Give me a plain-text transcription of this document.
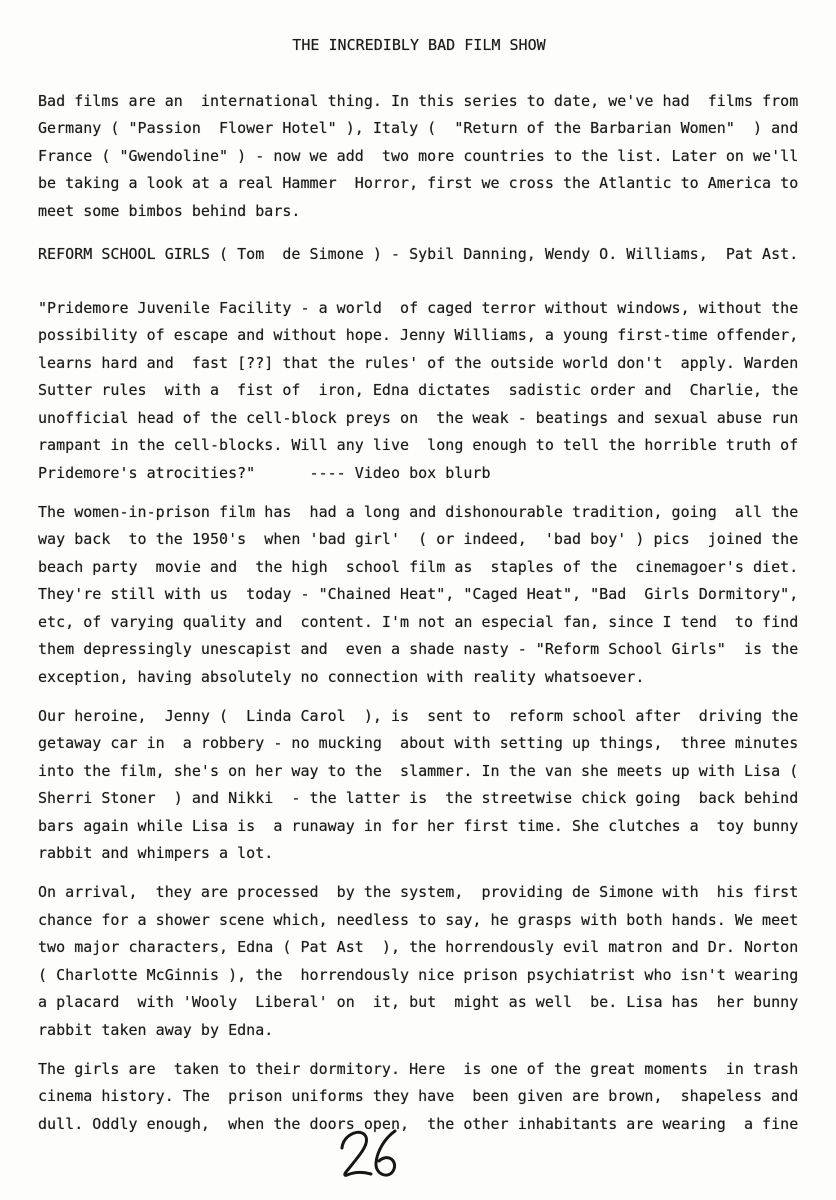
THE INCREDIBLY BAD FILM SHOW
Bad films are an  international thing. In this series to date, we've had  films from
Germany ( "Passion  Flower Hotel" ), Italy (  "Return of the Barbarian Women"  ) and
France ( "Gwendoline" ) - now we add  two more countries to the list. Later on we'll
be taking a look at a real Hammer  Horror, first we cross the Atlantic to America to
meet some bimbos behind bars.
REFORM SCHOOL GIRLS ( Tom  de Simone ) - Sybil Danning, Wendy O. Williams,  Pat Ast.
"Pridemore Juvenile Facility - a world  of caged terror without windows, without the
possibility of escape and without hope. Jenny Williams, a young first-time offender,
learns hard and  fast [??] that the rules' of the outside world don't  apply. Warden
Sutter rules  with a  fist of  iron, Edna dictates  sadistic order and  Charlie, the
unofficial head of the cell-block preys on  the weak - beatings and sexual abuse run
rampant in the cell-blocks. Will any live  long enough to tell the horrible truth of
Pridemore's atrocities?"      ---- Video box blurb
The women-in-prison film has  had a long and dishonourable tradition, going  all the
way back  to the 1950's  when 'bad girl'  ( or indeed,  'bad boy' ) pics  joined the
beach party  movie and  the high  school film as  staples of the  cinemagoer's diet.
They're still with us  today - "Chained Heat", "Caged Heat", "Bad  Girls Dormitory",
etc, of varying quality and  content. I'm not an especial fan, since I tend  to find
them depressingly unescapist and  even a shade nasty - "Reform School Girls"  is the
exception, having absolutely no connection with reality whatsoever.
Our heroine,  Jenny (  Linda Carol  ), is  sent to  reform school after  driving the
getaway car in  a robbery - no mucking  about with setting up things,  three minutes
into the film, she's on her way to the  slammer. In the van she meets up with Lisa (
Sherri Stoner  ) and Nikki  - the latter is  the streetwise chick going  back behind
bars again while Lisa is  a runaway in for her first time. She clutches a  toy bunny
rabbit and whimpers a lot.
On arrival,  they are processed  by the system,  providing de Simone with  his first
chance for a shower scene which, needless to say, he grasps with both hands. We meet
two major characters, Edna ( Pat Ast  ), the horrendously evil matron and Dr. Norton
( Charlotte McGinnis ), the  horrendously nice prison psychiatrist who isn't wearing
a placard  with 'Wooly  Liberal' on  it, but  might as well  be. Lisa has  her bunny
rabbit taken away by Edna.
The girls are  taken to their dormitory. Here  is one of the great moments  in trash
cinema history. The  prison uniforms they have  been given are brown,  shapeless and
dull. Oddly enough,  when the doors open,  the other inhabitants are wearing  a fine
